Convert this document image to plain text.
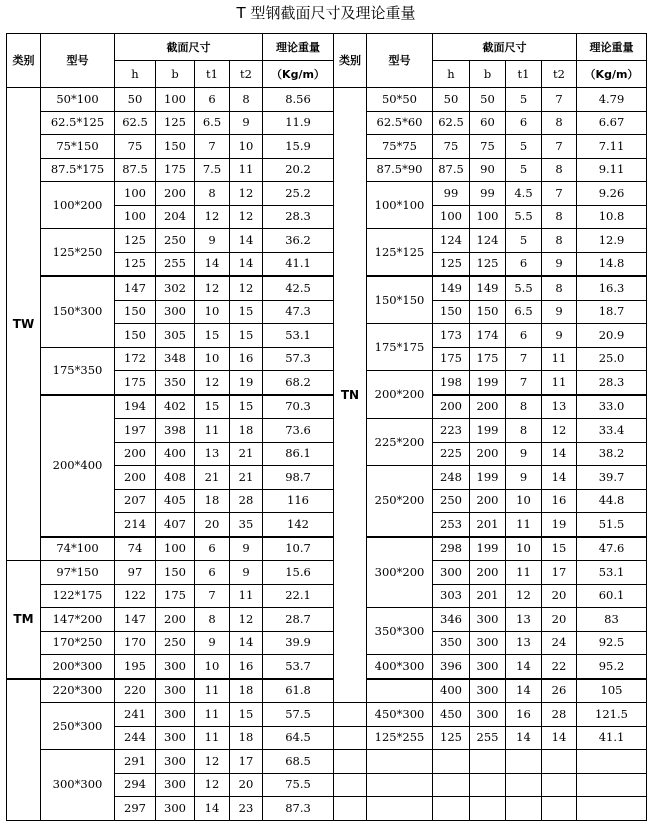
T 型钢截面尺寸及理论重量
类别	型号	截面尺寸				理论重量	类别	型号	截面尺寸				理论重量
		h	b	t1	t2	（Kg/m）			h	b	t1	t2	（Kg/m）
TW	50*100	50	100	6	8	8.56	TN	50*50	50	50	5	7	4.79
	62.5*125	62.5	125	6.5	9	11.9		62.5*60	62.5	60	6	8	6.67
	75*150	75	150	7	10	15.9		75*75	75	75	5	7	7.11
	87.5*175	87.5	175	7.5	11	20.2		87.5*90	87.5	90	5	8	9.11
	100*200	100	200	8	12	25.2		100*100	99	99	4.5	7	9.26
		100	204	12	12	28.3			100	100	5.5	8	10.8
	125*250	125	250	9	14	36.2		125*125	124	124	5	8	12.9
		125	255	14	14	41.1			125	125	6	9	14.8
	150*300	147	302	12	12	42.5		150*150	149	149	5.5	8	16.3
		150	300	10	15	47.3			150	150	6.5	9	18.7
		150	305	15	15	53.1		175*175	173	174	6	9	20.9
	175*350	172	348	10	16	57.3			175	175	7	11	25.0
		175	350	12	19	68.2		200*200	198	199	7	11	28.3
	200*400	194	402	15	15	70.3			200	200	8	13	33.0
		197	398	11	18	73.6		225*200	223	199	8	12	33.4
		200	400	13	21	86.1			225	200	9	14	38.2
		200	408	21	21	98.7		250*200	248	199	9	14	39.7
		207	405	18	28	116			250	200	10	16	44.8
		214	407	20	35	142			253	201	11	19	51.5
	74*100	74	100	6	9	10.7		300*200	298	199	10	15	47.6
TM	97*150	97	150	6	9	15.6			300	200	11	17	53.1
	122*175	122	175	7	11	22.1			303	201	12	20	60.1
	147*200	147	200	8	12	28.7		350*300	346	300	13	20	83
	170*250	170	250	9	14	39.9			350	300	13	24	92.5
	200*300	195	300	10	16	53.7		400*300	396	300	14	22	95.2
	220*300	220	300	11	18	61.8			400	300	14	26	105
	250*300	241	300	11	15	57.5		450*300	450	300	16	28	121.5
		244	300	11	18	64.5		125*255	125	255	14	14	41.1
	300*300	291	300	12	17	68.5							
		294	300	12	20	75.5							
		297	300	14	23	87.3							
